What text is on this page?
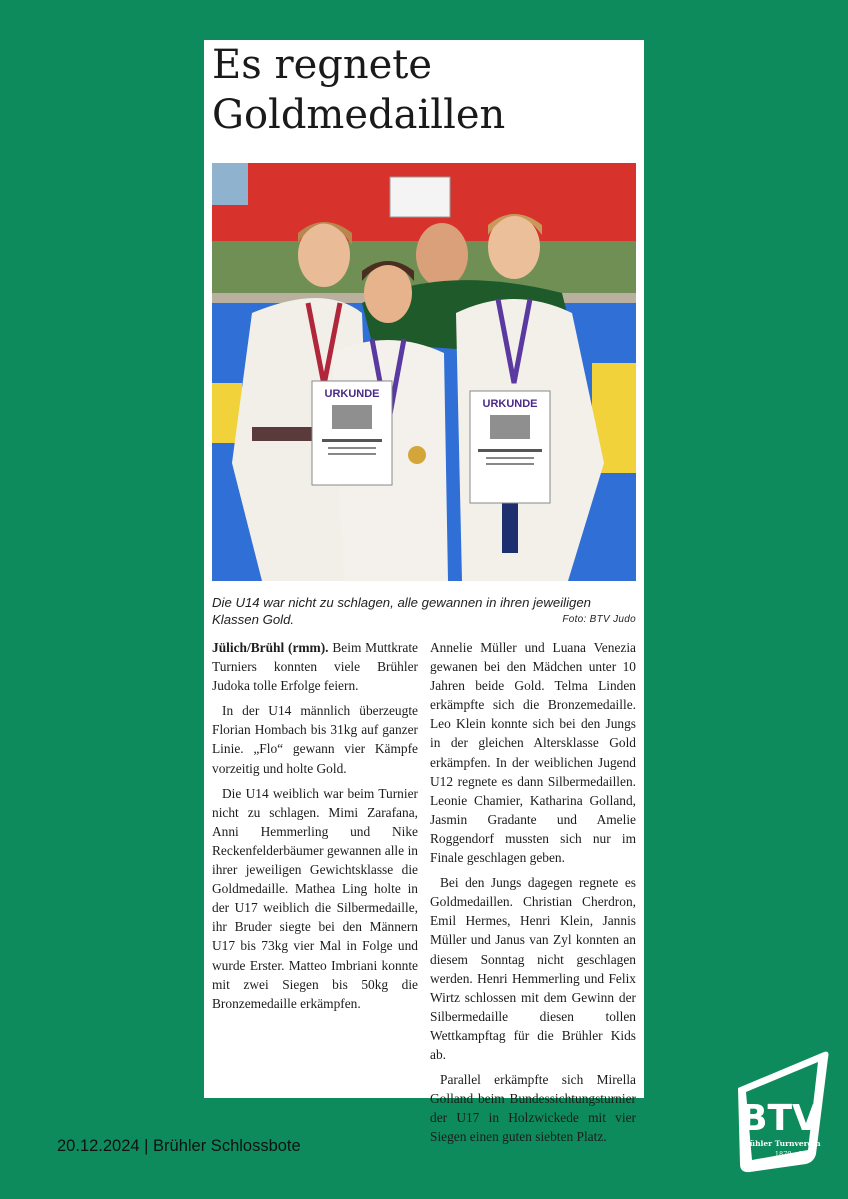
Es regnete
Goldmedaillen
URKUNDE
URKUNDE
Die U14 war nicht zu schlagen, alle gewannen in ihren jeweiligen Klassen Gold.	Foto: BTV Judo

Jülich/Brühl (rmm). Beim Muttkrate Turniers konnten viele Brühler Judoka tolle Erfolge feiern.

In der U14 männlich überzeugte Florian Hombach bis 31kg auf ganzer Linie. „Flo“ gewann vier Kämpfe vorzeitig und holte Gold.

Die U14 weiblich war beim Turnier nicht zu schlagen. Mimi Zarafana, Anni Hemmerling und Nike Reckenfelderbäumer gewannen alle in ihrer jeweiligen Gewichtsklasse die Goldmedaille. Mathea Ling holte in der U17 weiblich die Silbermedaille, ihr Bruder siegte bei den Männern U17 bis 73kg vier Mal in Folge und wurde Erster. Matteo Imbriani konnte mit zwei Siegen bis 50kg die Bronzemedaille erkämpfen.

Annelie Müller und Luana Venezia gewanen bei den Mädchen unter 10 Jahren beide Gold. Telma Linden erkämpfte sich die Bronzemedaille. Leo Klein konnte sich bei den Jungs in der gleichen Altersklasse Gold erkämpfen. In der weiblichen Jugend U12 regnete es dann Silbermedaillen. Leonie Chamier, Katharina Golland, Jasmin Gradante und Amelie Roggendorf mussten sich nur im Finale geschlagen geben.

Bei den Jungs dagegen regnete es Goldmedaillen. Christian Cherdron, Emil Hermes, Henri Klein, Jannis Müller und Janus van Zyl konnten an diesem Sonntag nicht geschlagen werden. Henri Hemmerling und Felix Wirtz schlossen mit dem Gewinn der Silbermedaille diesen tollen Wettkampftag für die Brühler Kids ab.

Parallel erkämpfte sich Mirella Golland beim Bundessichtungsturnier der U17 in Holzwickede mit vier Siegen einen guten siebten Platz.

20.12.2024 | Brühler Schlossbote
BTV
Brühler Turnverein
1879 e.V.
